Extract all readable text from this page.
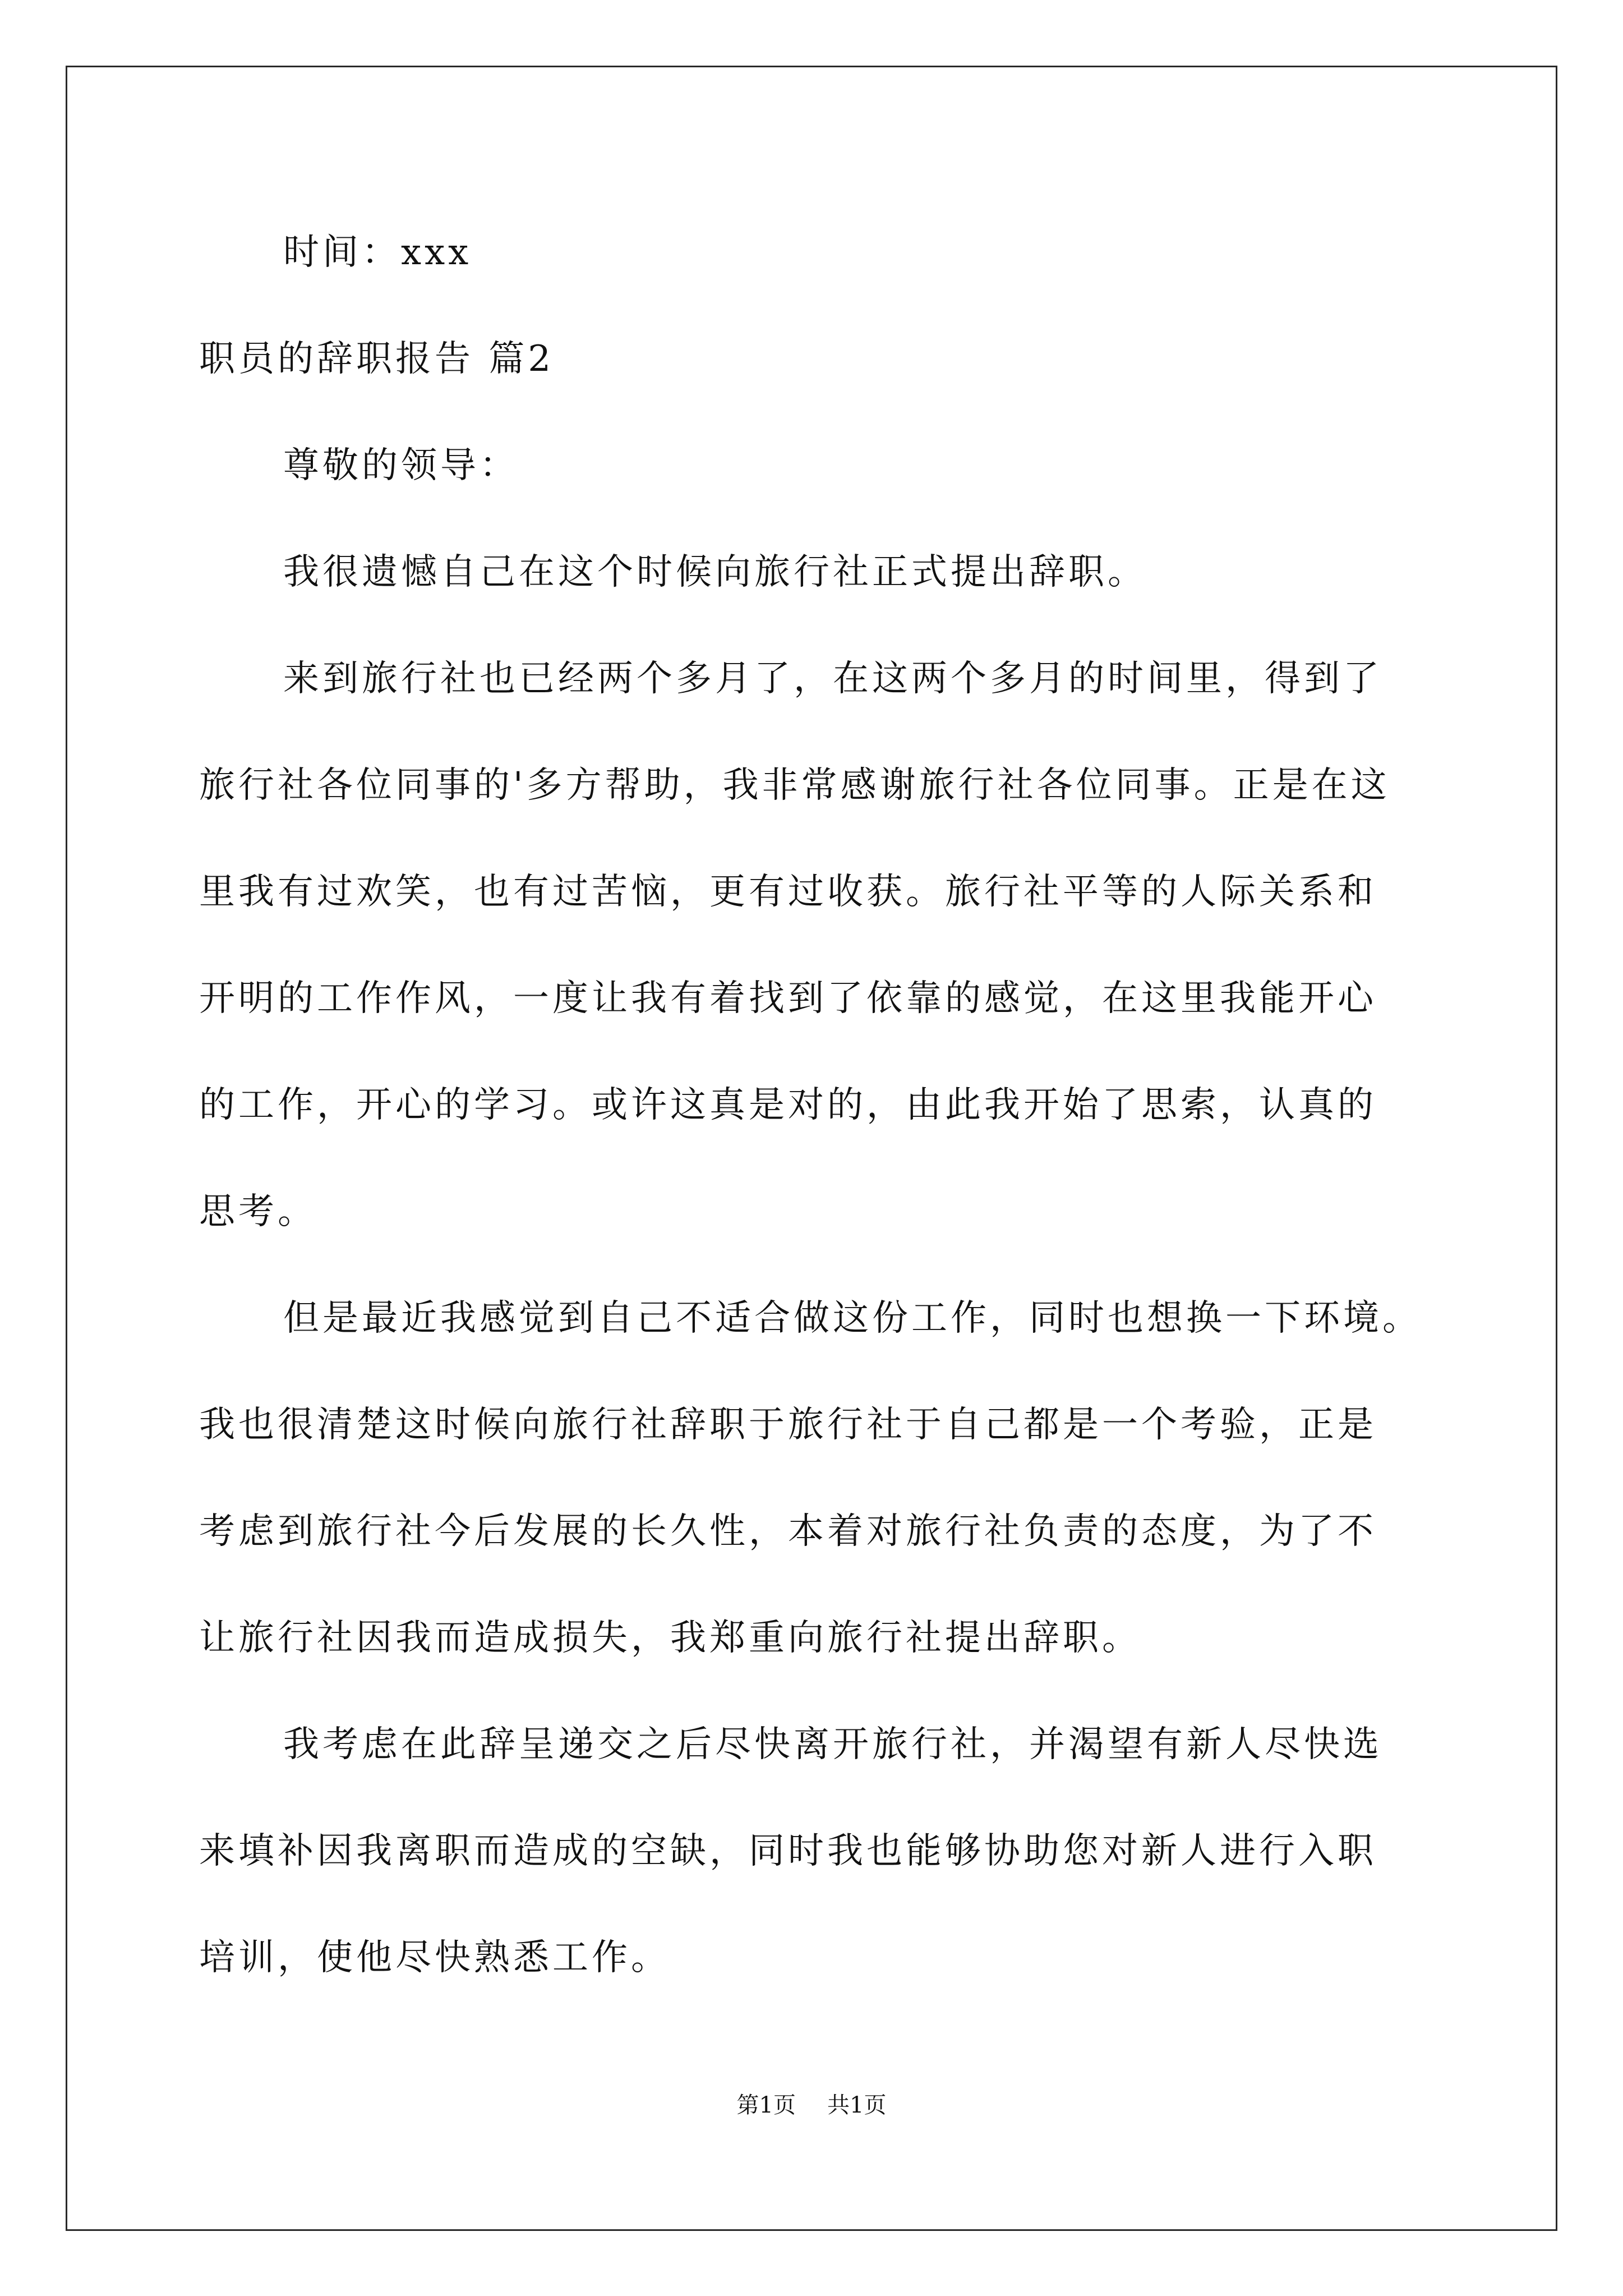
时间：xxx
职员的辞职报告 篇2
尊敬的领导：
我很遗憾自己在这个时候向旅行社正式提出辞职。
来到旅行社也已经两个多月了，在这两个多月的时间里，得到了
旅行社各位同事的'多方帮助，我非常感谢旅行社各位同事。正是在这
里我有过欢笑，也有过苦恼，更有过收获。旅行社平等的人际关系和
开明的工作作风，一度让我有着找到了依靠的感觉，在这里我能开心
的工作，开心的学习。或许这真是对的，由此我开始了思索，认真的
思考。
但是最近我感觉到自己不适合做这份工作，同时也想换一下环境。
我也很清楚这时候向旅行社辞职于旅行社于自己都是一个考验，正是
考虑到旅行社今后发展的长久性，本着对旅行社负责的态度，为了不
让旅行社因我而造成损失，我郑重向旅行社提出辞职。
我考虑在此辞呈递交之后尽快离开旅行社，并渴望有新人尽快选
来填补因我离职而造成的空缺，同时我也能够协助您对新人进行入职
培训，使他尽快熟悉工作。
第1页 共1页
